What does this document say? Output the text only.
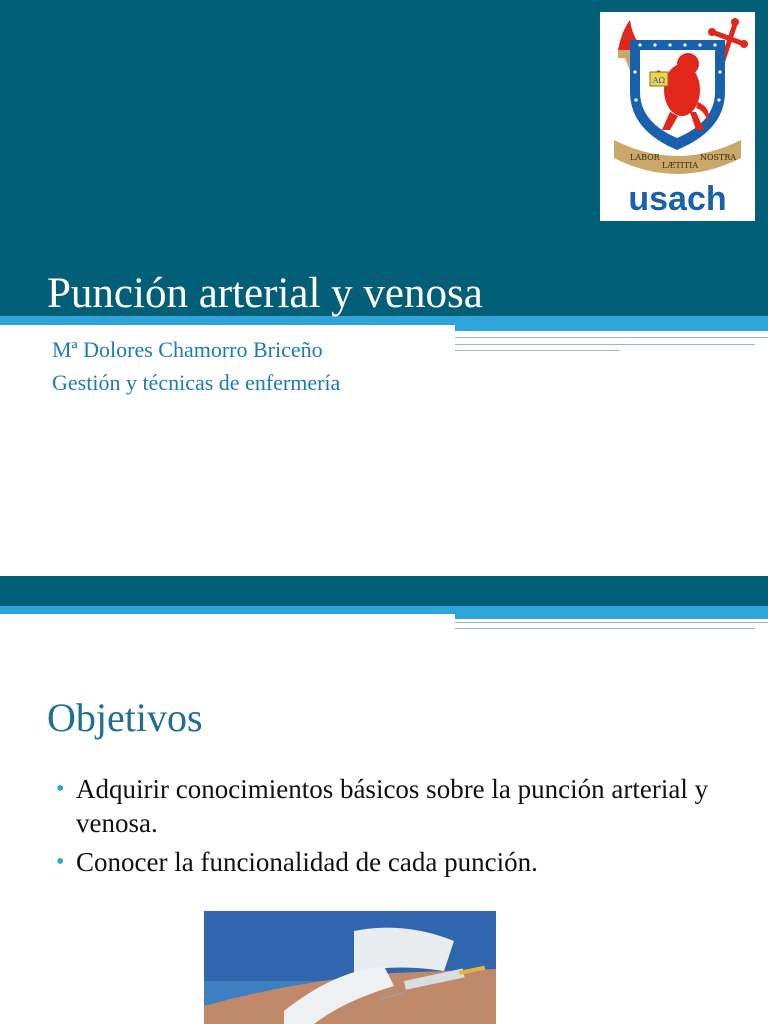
Punción arterial y venosa
Mª Dolores Chamorro Briceño
Gestión y técnicas de enfermería
AΩ
LABOR
LÆTITIA
NOSTRA
usach
Objetivos
• Adquirir conocimientos básicos sobre la punción arterial y venosa.
• Conocer la funcionalidad de cada punción.
